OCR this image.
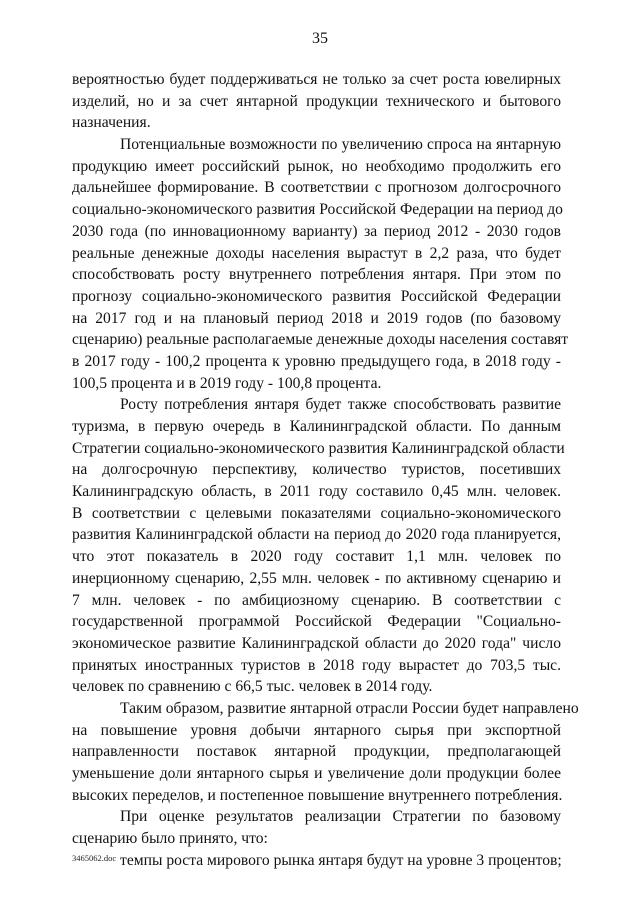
35
вероятностью будет поддерживаться не только за счет роста ювелирных
изделий, но и за счет янтарной продукции технического и бытового
назначения.
Потенциальные возможности по увеличению спроса на янтарную
продукцию имеет российский рынок, но необходимо продолжить его
дальнейшее формирование. В соответствии с прогнозом долгосрочного
социально-экономического развития Российской Федерации на период до
2030 года (по инновационному варианту) за период 2012 - 2030 годов
реальные денежные доходы населения вырастут в 2,2 раза, что будет
способствовать росту внутреннего потребления янтаря. При этом по
прогнозу социально-экономического развития Российской Федерации
на 2017 год и на плановый период 2018 и 2019 годов (по базовому
сценарию) реальные располагаемые денежные доходы населения составят
в 2017 году - 100,2 процента к уровню предыдущего года, в 2018 году -
100,5 процента и в 2019 году - 100,8 процента.
Росту потребления янтаря будет также способствовать развитие
туризма, в первую очередь в Калининградской области. По данным
Стратегии социально-экономического развития Калининградской области
на долгосрочную перспективу, количество туристов, посетивших
Калининградскую область, в 2011 году составило 0,45 млн. человек.
В соответствии с целевыми показателями социально-экономического
развития Калининградской области на период до 2020 года планируется,
что этот показатель в 2020 году составит 1,1 млн. человек по
инерционному сценарию, 2,55 млн. человек - по активному сценарию и
7 млн. человек - по амбициозному сценарию. В соответствии с
государственной программой Российской Федерации "Социально-
экономическое развитие Калининградской области до 2020 года" число
принятых иностранных туристов в 2018 году вырастет до 703,5 тыс.
человек по сравнению с 66,5 тыс. человек в 2014 году.
Таким образом, развитие янтарной отрасли России будет направлено
на повышение уровня добычи янтарного сырья при экспортной
направленности поставок янтарной продукции, предполагающей
уменьшение доли янтарного сырья и увеличение доли продукции более
высоких переделов, и постепенное повышение внутреннего потребления.
При оценке результатов реализации Стратегии по базовому
сценарию было принято, что:
темпы роста мирового рынка янтаря будут на уровне 3 процентов;
3465062.doc
